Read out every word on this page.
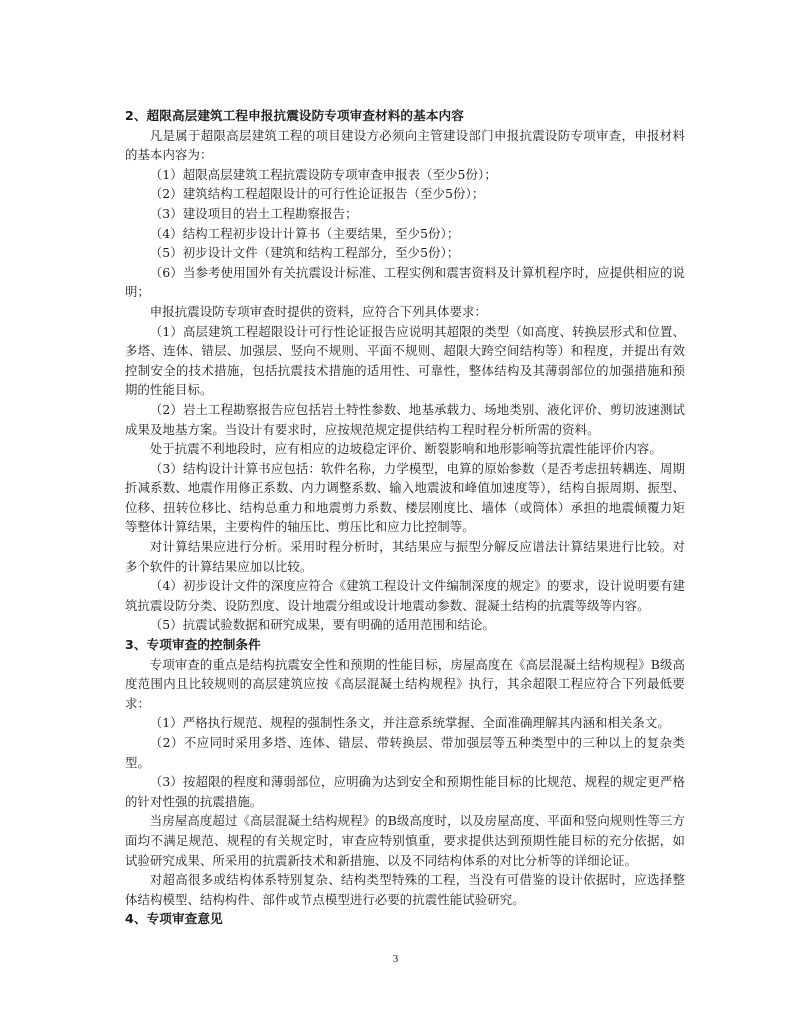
2、超限高层建筑工程申报抗震设防专项审查材料的基本内容

凡是属于超限高层建筑工程的项目建设方必须向主管建设部门申报抗震设防专项审查，申报材料的基本内容为：

（1）超限高层建筑工程抗震设防专项审查申报表（至少5份）；

（2）建筑结构工程超限设计的可行性论证报告（至少5份）；

（3）建设项目的岩土工程勘察报告；

（4）结构工程初步设计计算书（主要结果，至少5份）；

（5）初步设计文件（建筑和结构工程部分，至少5份）；

（6）当参考使用国外有关抗震设计标准、工程实例和震害资料及计算机程序时，应提供相应的说明；

申报抗震设防专项审查时提供的资料，应符合下列具体要求：

（1）高层建筑工程超限设计可行性论证报告应说明其超限的类型（如高度、转换层形式和位置、多塔、连体、错层、加强层、竖向不规则、平面不规则、超限大跨空间结构等）和程度，并提出有效控制安全的技术措施，包括抗震技术措施的适用性、可靠性，整体结构及其薄弱部位的加强措施和预期的性能目标。

（2）岩土工程勘察报告应包括岩土特性参数、地基承载力、场地类别、液化评价、剪切波速测试成果及地基方案。当设计有要求时，应按规范规定提供结构工程时程分析所需的资料。

处于抗震不利地段时，应有相应的边坡稳定评价、断裂影响和地形影响等抗震性能评价内容。

（3）结构设计计算书应包括：软件名称，力学模型，电算的原始参数（是否考虑扭转耦连、周期折减系数、地震作用修正系数、内力调整系数、输入地震波和峰值加速度等），结构自振周期、振型、位移、扭转位移比、结构总重力和地震剪力系数、楼层刚度比、墙体（或筒体）承担的地震倾覆力矩等整体计算结果，主要构件的轴压比、剪压比和应力比控制等。

对计算结果应进行分析。采用时程分析时，其结果应与振型分解反应谱法计算结果进行比较。对多个软件的计算结果应加以比较。

（4）初步设计文件的深度应符合《建筑工程设计文件编制深度的规定》的要求，设计说明要有建筑抗震设防分类、设防烈度、设计地震分组或设计地震动参数、混凝土结构的抗震等级等内容。

（5）抗震试验数据和研究成果，要有明确的适用范围和结论。

3、专项审查的控制条件

专项审查的重点是结构抗震安全性和预期的性能目标，房屋高度在《高层混凝土结构规程》B级高度范围内且比较规则的高层建筑应按《高层混凝土结构规程》执行，其余超限工程应符合下列最低要求：

（1）严格执行规范、规程的强制性条文，并注意系统掌握、全面准确理解其内涵和相关条文。

（2）不应同时采用多塔、连体、错层、带转换层、带加强层等五种类型中的三种以上的复杂类型。

（3）按超限的程度和薄弱部位，应明确为达到安全和预期性能目标的比规范、规程的规定更严格的针对性强的抗震措施。

当房屋高度超过《高层混凝土结构规程》的B级高度时，以及房屋高度、平面和竖向规则性等三方面均不满足规范、规程的有关规定时，审查应特别慎重，要求提供达到预期性能目标的充分依据，如试验研究成果、所采用的抗震新技术和新措施、以及不同结构体系的对比分析等的详细论证。

对超高很多或结构体系特别复杂、结构类型特殊的工程，当没有可借鉴的设计依据时，应选择整体结构模型、结构构件、部件或节点模型进行必要的抗震性能试验研究。

4、专项审查意见
3
